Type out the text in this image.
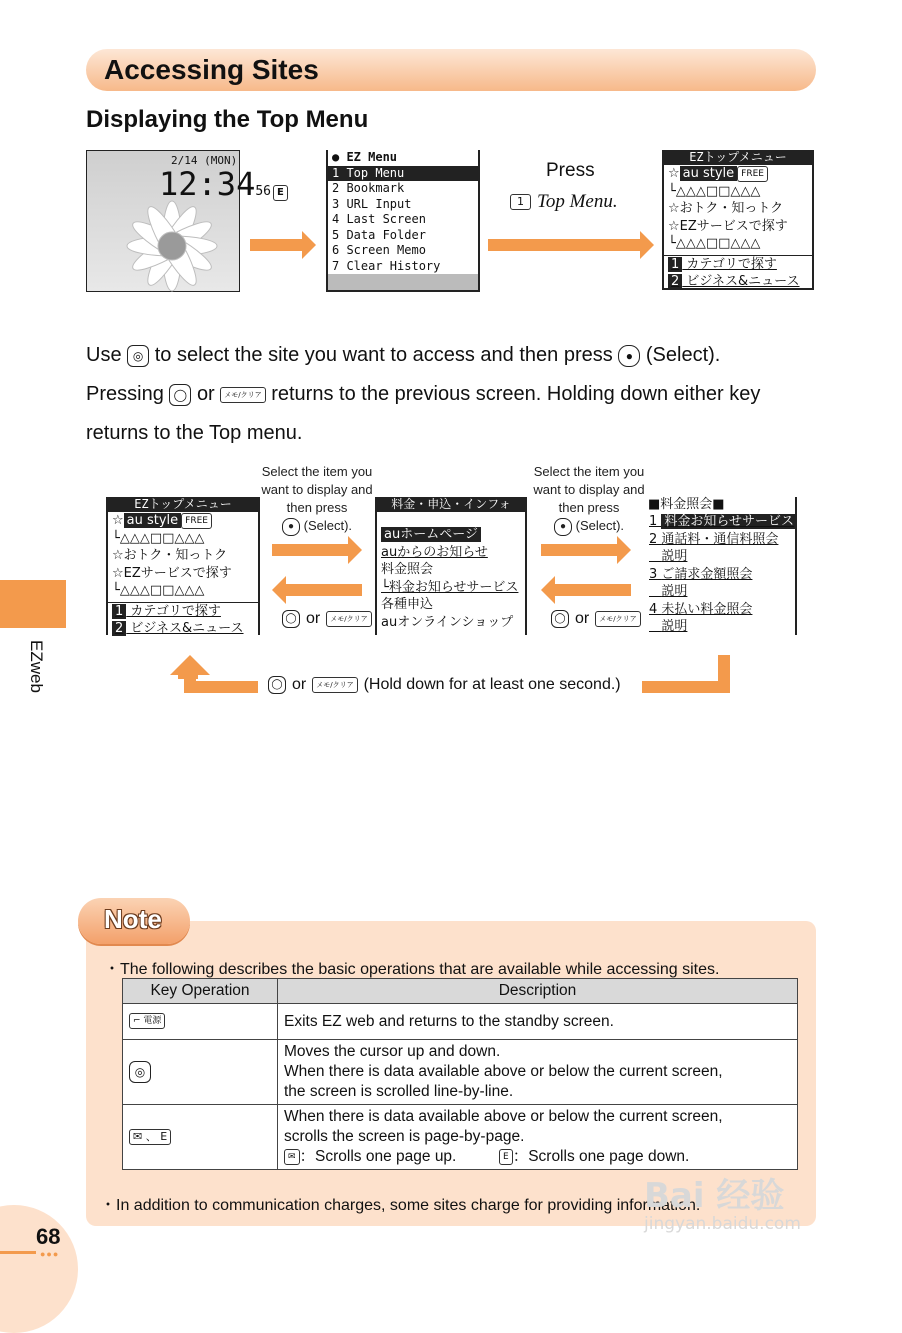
Accessing Sites
Displaying the Top Menu
2/14 (MON)
12:3456 E
● EZ Menu
1 Top Menu
2 Bookmark
3 URL Input
4 Last Screen
5 Data Folder
6 Screen Memo
7 Clear History
Press
1 Top Menu.
EZトップメニュー
☆ au style FREE
└△△△□□△△△
☆おトク・知っトク
☆EZサービスで探す
└△△△□□△△△
1 カテゴリで探す
2 ビジネス&ニュース
Use ◎ to select the site you want to access and then press ● (Select).
Pressing ◯ or メモ/クリア returns to the previous screen. Holding down either key
returns to the Top menu.
EZweb
EZトップメニュー
☆ au style FREE
└△△△□□△△△
☆おトク・知っトク
☆EZサービスで探す
└△△△□□△△△
1 カテゴリで探す
2 ビジネス&ニュース
Select the item you
want to display and
then press
● (Select).
◯ or	メモ/クリア
料金・申込・インフォ
auホームページ
auからのお知らせ
料金照会
└料金お知らせサービス
各種申込
auオンラインショップ
Select the item you
want to display and
then press
● (Select).
◯ or	メモ/クリア
■料金照会■
1 料金お知らせサービス
2 通話料・通信料照会
説明
3 ご請求金額照会
説明
4 未払い料金照会
説明
◯ or	メモ/クリア (Hold down for at least one second.)
Note
・The following describes the basic operations that are available while accessing sites.
Key Operation	Description
⌐ 電源	Exits EZ web and returns to the standby screen.
◎	Moves the cursor up and down.
When there is data available above or below the current screen,
the screen is scrolled line-by-line.

✉ 、 E	When there is data available above or below the current screen,
scrolls the screen is page-by-page.
✉ ：Scrolls one page up. E ：Scrolls one page down.
・In addition to communication charges, some sites charge for providing information.
68
●●●
Bai 经验
jingyan.baidu.com
